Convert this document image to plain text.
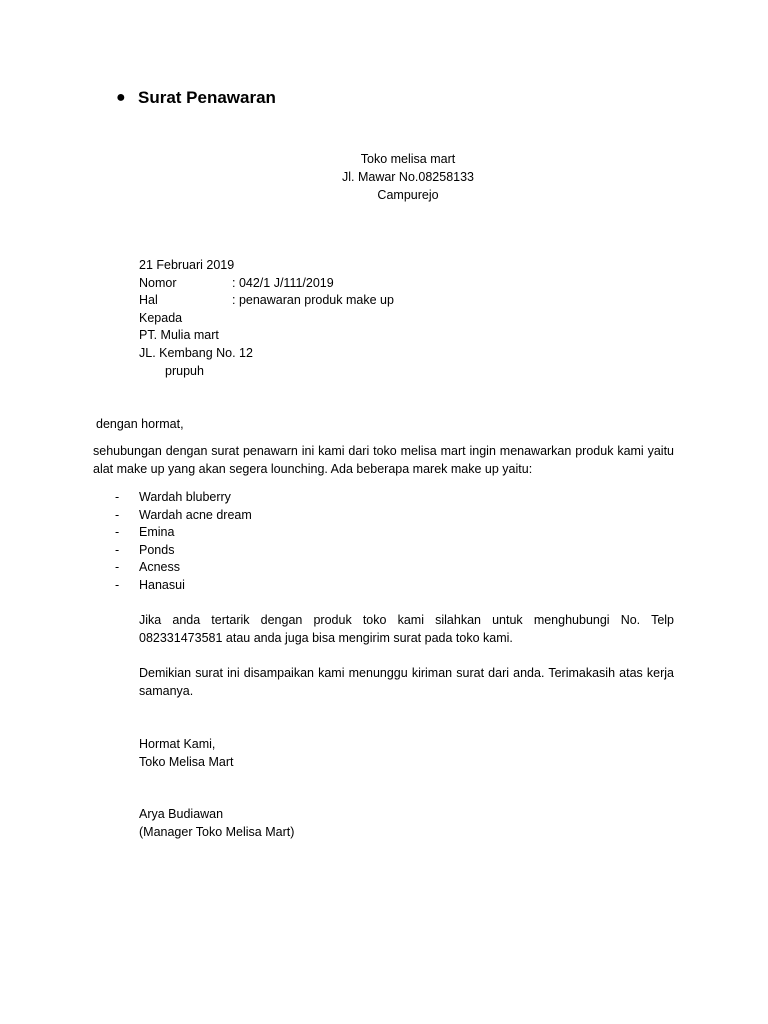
● Surat Penawaran
Toko melisa mart
Jl. Mawar No.08258133
Campurejo
21 Februari 2019
Nomor	: 042/1 J/111/2019
Hal	: penawaran produk make up
Kepada
PT. Mulia mart
JL. Kembang No. 12
prupuh
dengan hormat,
sehubungan dengan surat penawarn ini kami dari toko melisa mart ingin menawarkan produk kami yaitu alat make up yang akan segera lounching. Ada beberapa marek make up yaitu:
-	Wardah bluberry
-	Wardah acne dream
-	Emina
-	Ponds
-	Acness
-	Hanasui
Jika anda tertarik dengan produk toko kami silahkan untuk menghubungi No. Telp 082331473581 atau anda juga bisa mengirim surat pada toko kami.
Demikian surat ini disampaikan kami menunggu kiriman surat dari anda. Terimakasih atas kerja samanya.
Hormat Kami,
Toko Melisa Mart
Arya Budiawan
(Manager Toko Melisa Mart)
